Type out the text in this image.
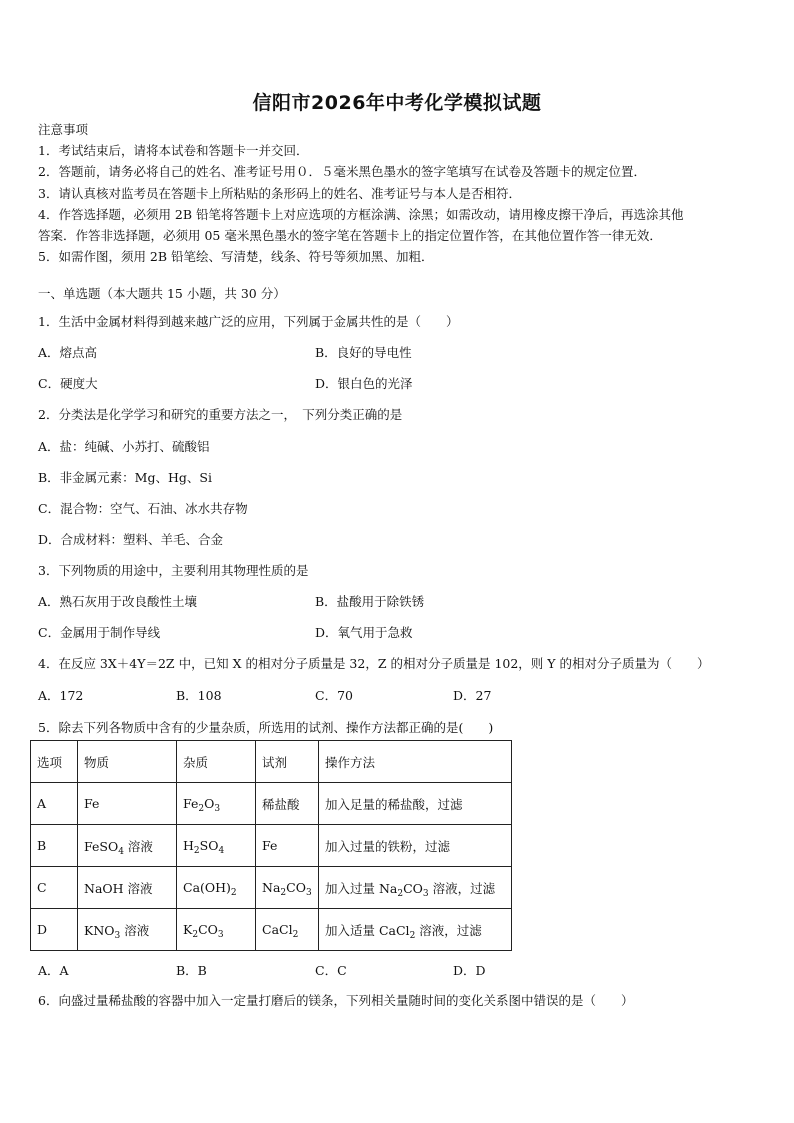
信阳市2026年中考化学模拟试题

注意事项

1．考试结束后，请将本试卷和答题卡一并交回．

2．答题前，请务必将自己的姓名、准考证号用０．５毫米黑色墨水的签字笔填写在试卷及答题卡的规定位置．

3．请认真核对监考员在答题卡上所粘贴的条形码上的姓名、准考证号与本人是否相符．

4．作答选择题，必须用 2B 铅笔将答题卡上对应选项的方框涂满、涂黑；如需改动，请用橡皮擦干净后，再选涂其他

答案．作答非选择题，必须用 05 毫米黑色墨水的签字笔在答题卡上的指定位置作答，在其他位置作答一律无效．

5．如需作图，须用 2B 铅笔绘、写清楚，线条、符号等须加黑、加粗．

一、单选题（本大题共 15 小题，共 30 分）
1．生活中金属材料得到越来越广泛的应用，下列属于金属共性的是（　　）
A．熔点高	B．良好的导电性
C．硬度大	D．银白色的光泽
2．分类法是化学学习和研究的重要方法之一，　下列分类正确的是
A．盐：纯碱、小苏打、硫酸铝
B．非金属元素：Mg、Hg、Si
C．混合物：空气、石油、冰水共存物
D．合成材料：塑料、羊毛、合金
3．下列物质的用途中，主要利用其物理性质的是
A．熟石灰用于改良酸性土壤	B．盐酸用于除铁锈
C．金属用于制作导线	D．氧气用于急救
4．在反应 3X＋4Y＝2Z 中，已知 X 的相对分子质量是 32，Z 的相对分子质量是 102，则 Y 的相对分子质量为（　　）
A．172	B．108	C．70	D．27
5．除去下列各物质中含有的少量杂质，所选用的试剂、操作方法都正确的是(　　)
选项	物质	杂质	试剂	操作方法
A	Fe	$Fe_2O_3$	稀盐酸	加入足量的稀盐酸，过滤
B	FeSO$_4$ 溶液	$H_2SO_4$	Fe	加入过量的铁粉，过滤
C	NaOH 溶液	$Ca(OH)_2$	$Na_2CO_3$	加入过量 $Na_2CO_3$ 溶液，过滤
D	$KNO_3$ 溶液	$K_2CO_3$	CaCl$_2$	加入适量 CaCl$_2$ 溶液，过滤
A．A	B．B	C．C	D．D
6．向盛过量稀盐酸的容器中加入一定量打磨后的镁条，下列相关量随时间的变化关系图中错误的是（　　）
